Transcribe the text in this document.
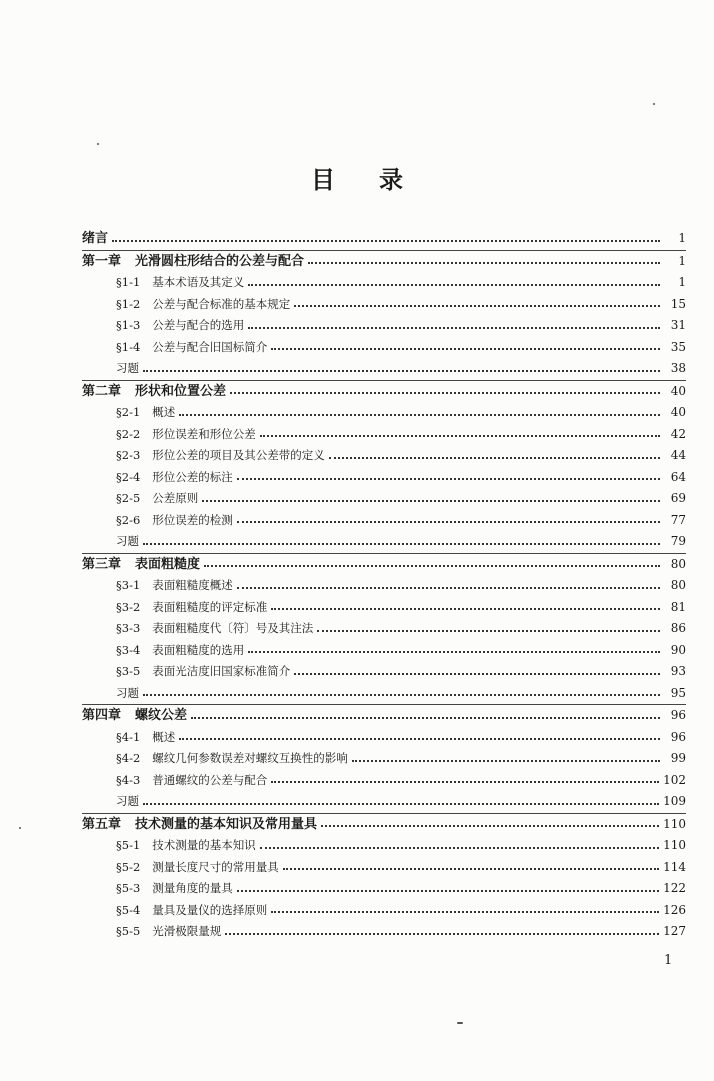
目 录
绪言	1
第一章 光滑圆柱形结合的公差与配合	1
§1-1 基本术语及其定义	1
§1-2 公差与配合标准的基本规定	15
§1-3 公差与配合的选用	31
§1-4 公差与配合旧国标简介	35
习题	38
第二章 形状和位置公差	40
§2-1 概述	40
§2-2 形位误差和形位公差	42
§2-3 形位公差的项目及其公差带的定义	44
§2-4 形位公差的标注	64
§2-5 公差原则	69
§2-6 形位误差的检测	77
习题	79
第三章 表面粗糙度	80
§3-1 表面粗糙度概述	80
§3-2 表面粗糙度的评定标准	81
§3-3 表面粗糙度代〔符〕号及其注法	86
§3-4 表面粗糙度的选用	90
§3-5 表面光洁度旧国家标准简介	93
习题	95
第四章 螺纹公差	96
§4-1 概述	96
§4-2 螺纹几何参数误差对螺纹互换性的影响	99
§4-3 普通螺纹的公差与配合	102
习题	109
第五章 技术测量的基本知识及常用量具	110
§5-1 技术测量的基本知识	110
§5-2 测量长度尺寸的常用量具	114
§5-3 测量角度的量具	122
§5-4 量具及量仪的选择原则	126
§5-5 光滑极限量规	127
1
